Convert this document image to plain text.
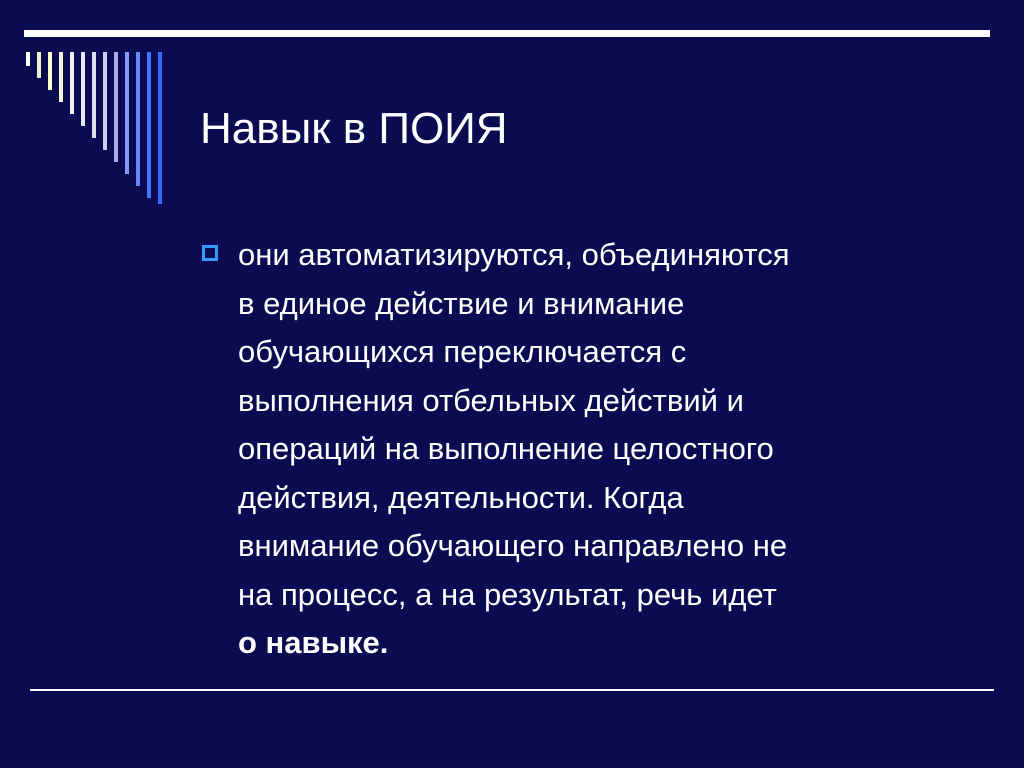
Навык в ПОИЯ
они автоматизируются, объединяются
в единое действие и внимание
обучающихся переключается с
выполнения отбельных действий и
операций на выполнение целостного
действия, деятельности. Когда
внимание обучающего направлено не
на процесс, а на результат, речь идет
о навыке.
